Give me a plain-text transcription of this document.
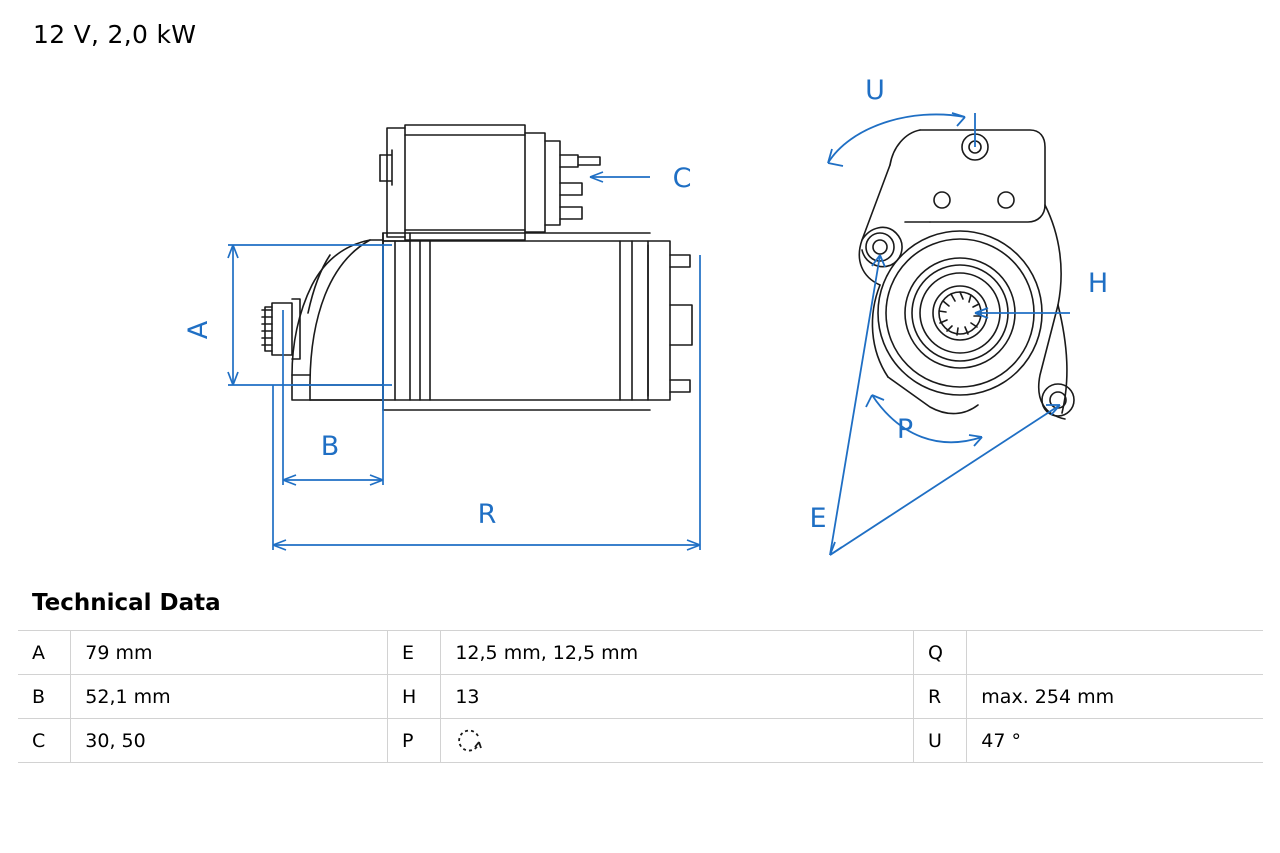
12 V, 2,0 kW
A
B
R
C
U
H
P
E
Technical Data
A	79 mm	E	12,5 mm, 12,5 mm	Q	
B	52,1 mm	H	13	R	max. 254 mm
C	30, 50	P		U	47 °
